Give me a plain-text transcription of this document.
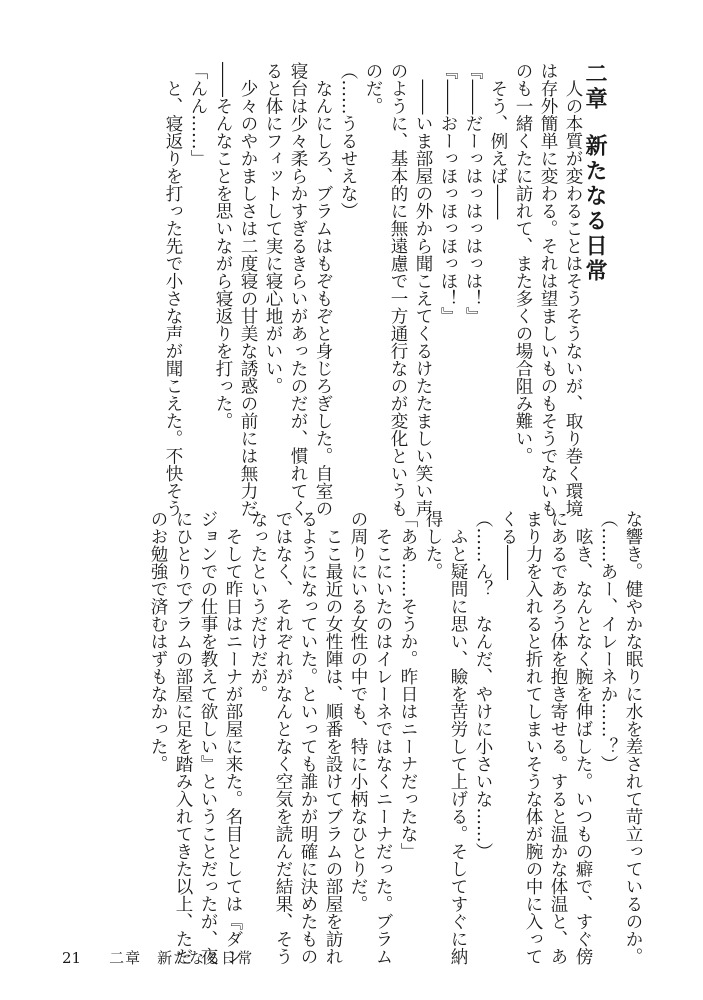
二章新たなる日常
　人の本質が変わることはそうそうないが、取り巻く環境
は存外簡単に変わる。それは望ましいものもそうでないも
のも一緒くたに訪れて、また多くの場合阻み難い。
　そう、例えば――
『――だーっはっはっはっは！』
『――おーっほっほっほっほ！』
　――いま部屋の外から聞こえてくるけたたましい笑い声
のように、基本的に無遠慮で一方通行なのが変化というも
のだ。
（……うるせえな）
　なんにしろ、ブラムはもぞもぞと身じろぎした。自室の
寝台は少々柔らかすぎるきらいがあったのだが、慣れてく
ると体にフィットして実に寝心地がいい。
　少々のやかましさは二度寝の甘美な誘惑の前には無力だ
――そんなことを思いながら寝返りを打った。
「んん……」
　と、寝返りを打った先で小さな声が聞こえた。不快そう
な響き。健やかな眠りに水を差されて苛立っているのか。
（……あー、イレーネか……？）
　呟き、なんとなく腕を伸ばした。いつもの癖で、すぐ傍
にあるであろう体を抱き寄せる。すると温かな体温と、あ
まり力を入れると折れてしまいそうな体が腕の中に入って
くる――
（……ん？　なんだ、やけに小さいな……）
　ふと疑問に思い、瞼を苦労して上げる。そしてすぐに納
得した。
「ああ……そうか。昨日はニーナだったな」
　そこにいたのはイレーネではなくニーナだった。ブラム
の周りにいる女性の中でも、特に小柄なひとりだ。
　ここ最近の女性陣は、順番を設けてブラムの部屋を訪れ
るようになっていた。といっても誰かが明確に決めたもの
ではなく、それぞれがなんとなく空気を読んだ結果、そう
なったというだけだが。
　そして昨日はニーナが部屋に来た。名目としては『ダン
ジョンでの仕事を教えて欲しい』ということだったが、夜
にひとりでブラムの部屋に足を踏み入れてきた以上、ただ
のお勉強で済むはずもなかった。
21 二章　新たなる日常
